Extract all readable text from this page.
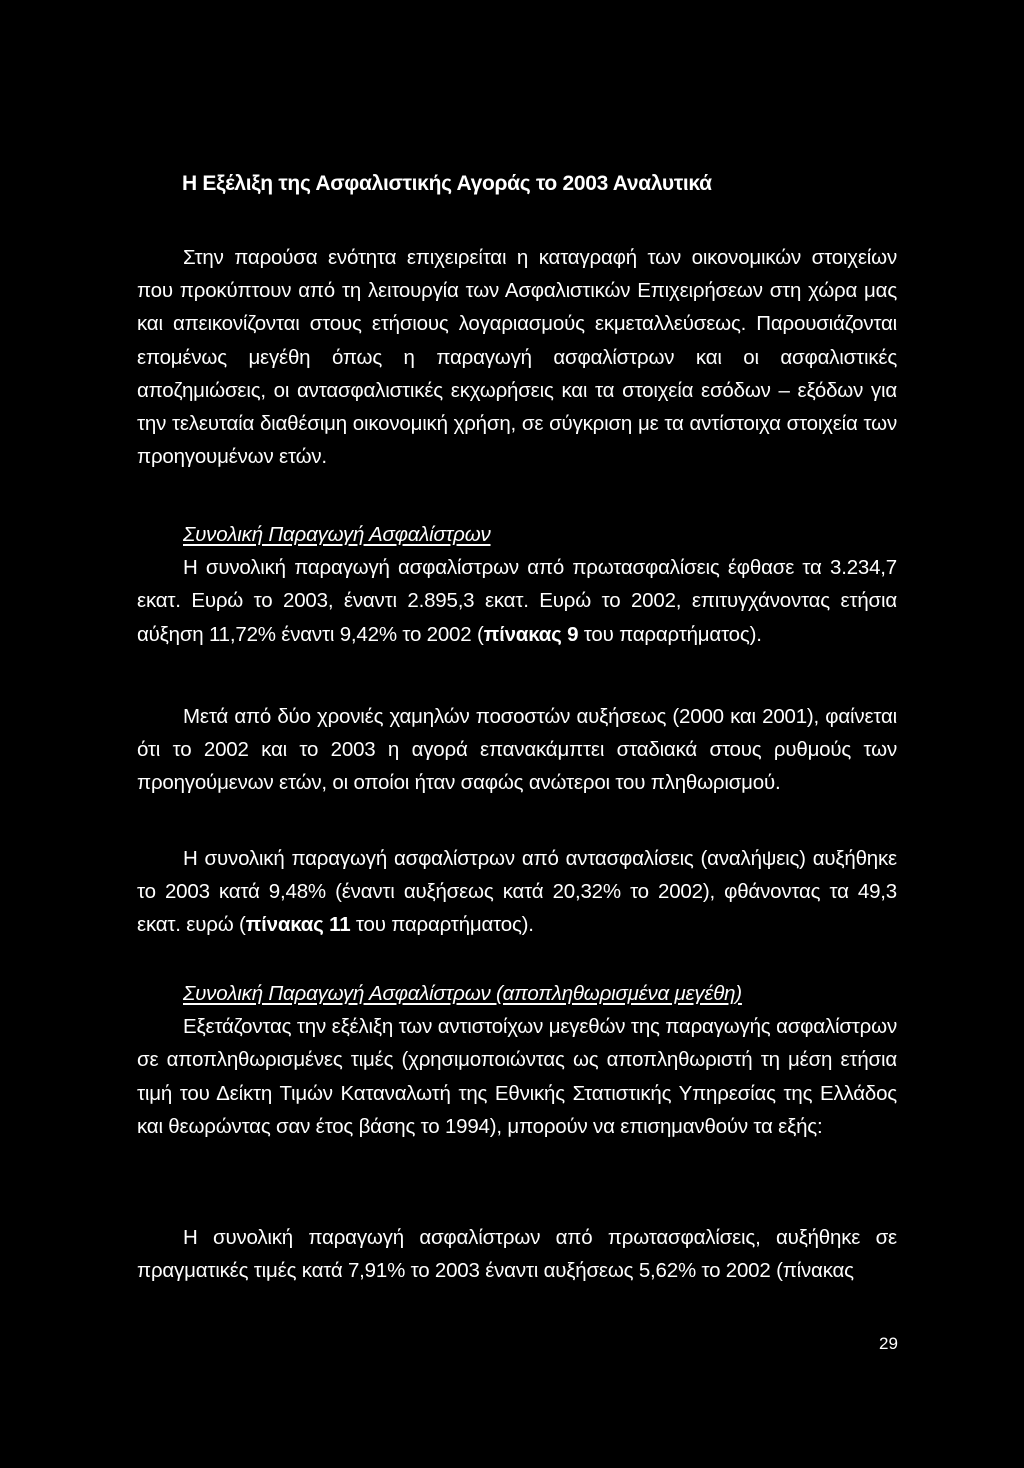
Η Εξέλιξη της Ασφαλιστικής Αγοράς το 2003 Αναλυτικά

Στην παρούσα ενότητα επιχειρείται η καταγραφή των οικονομικών στοιχείων που προκύπτουν από τη λειτουργία των Ασφαλιστικών Επιχειρήσεων στη χώρα μας και απεικονίζονται στους ετήσιους λογαριασμούς εκμεταλλεύσεως. Παρουσιάζονται επομένως μεγέθη όπως η παραγωγή ασφαλίστρων και οι ασφαλιστικές αποζημιώσεις, οι αντασφαλιστικές εκχωρήσεις και τα στοιχεία εσόδων – εξόδων για την τελευταία διαθέσιμη οικονομική χρήση, σε σύγκριση με τα αντίστοιχα στοιχεία των προηγουμένων ετών.

Συνολική Παραγωγή Ασφαλίστρων

Η συνολική παραγωγή ασφαλίστρων από πρωτασφαλίσεις έφθασε τα 3.234,7 εκατ. Ευρώ το 2003, έναντι 2.895,3 εκατ. Ευρώ το 2002, επιτυγχάνοντας ετήσια αύξηση 11,72% έναντι 9,42% το 2002 (πίνακας 9 του παραρτήματος).

Μετά από δύο χρονιές χαμηλών ποσοστών αυξήσεως (2000 και 2001), φαίνεται ότι το 2002 και το 2003 η αγορά επανακάμπτει σταδιακά στους ρυθμούς των προηγούμενων ετών, οι οποίοι ήταν σαφώς ανώτεροι του πληθωρισμού.

Η συνολική παραγωγή ασφαλίστρων από αντασφαλίσεις (αναλήψεις) αυξήθηκε το 2003 κατά 9,48% (έναντι αυξήσεως κατά 20,32% το 2002), φθάνοντας τα 49,3 εκατ. ευρώ (πίνακας 11 του παραρτήματος).

Συνολική Παραγωγή Ασφαλίστρων (αποπληθωρισμένα μεγέθη)

Εξετάζοντας την εξέλιξη των αντιστοίχων μεγεθών της παραγωγής ασφαλίστρων σε αποπληθωρισμένες τιμές (χρησιμοποιώντας ως αποπληθωριστή τη μέση ετήσια τιμή του Δείκτη Τιμών Καταναλωτή της Εθνικής Στατιστικής Υπηρεσίας της Ελλάδος και θεωρώντας σαν έτος βάσης το 1994), μπορούν να επισημανθούν τα εξής:

Η συνολική παραγωγή ασφαλίστρων από πρωτασφαλίσεις, αυξήθηκε σε πραγματικές τιμές κατά 7,91% το 2003 έναντι αυξήσεως 5,62% το 2002 (πίνακας

29
